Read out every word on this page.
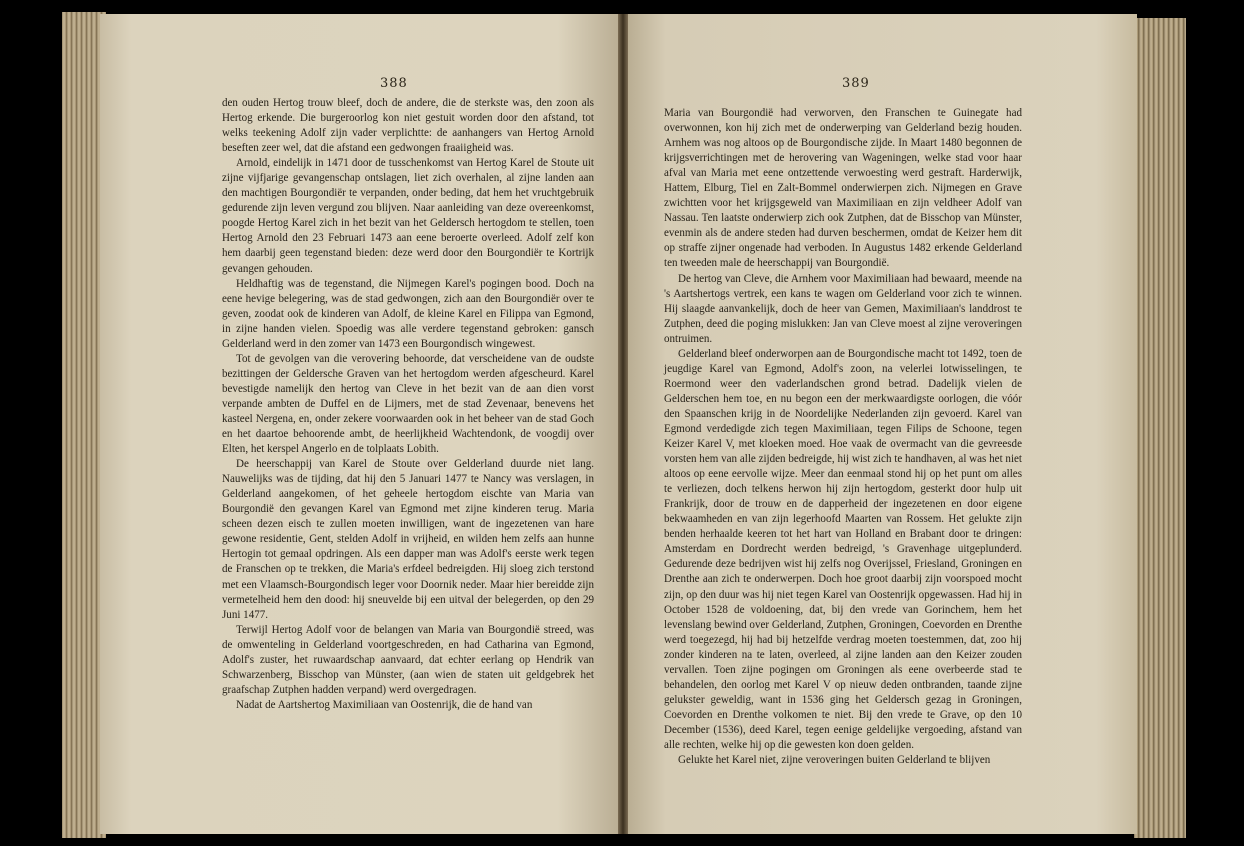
388	389

den ouden Hertog trouw bleef, doch de andere, die de sterkste was, den zoon als Hertog erkende. Die burgeroorlog kon niet gestuit worden door den afstand, tot welks teekening Adolf zijn vader verplichtte: de aanhangers van Hertog Arnold beseften zeer wel, dat die afstand een gedwongen fraaiigheid was.

Arnold, eindelijk in 1471 door de tusschenkomst van Hertog Karel de Stoute uit zijne vijfjarige gevangenschap ontslagen, liet zich overhalen, al zijne landen aan den machtigen Bourgondiër te verpanden, onder beding, dat hem het vruchtgebruik gedurende zijn leven vergund zou blijven. Naar aanleiding van deze overeenkomst, poogde Hertog Karel zich in het bezit van het Geldersch hertogdom te stellen, toen Hertog Arnold den 23 Februari 1473 aan eene beroerte overleed. Adolf zelf kon hem daarbij geen tegenstand bieden: deze werd door den Bourgondiër te Kortrijk gevangen gehouden.

Heldhaftig was de tegenstand, die Nijmegen Karel's pogingen bood. Doch na eene hevige belegering, was de stad gedwongen, zich aan den Bourgondiër over te geven, zoodat ook de kinderen van Adolf, de kleine Karel en Filippa van Egmond, in zijne handen vielen. Spoedig was alle verdere tegenstand gebroken: gansch Gelderland werd in den zomer van 1473 een Bourgondisch wingewest.

Tot de gevolgen van die verovering behoorde, dat verscheidene van de oudste bezittingen der Geldersche Graven van het hertogdom werden afgescheurd. Karel bevestigde namelijk den hertog van Cleve in het bezit van de aan dien vorst verpande ambten de Duffel en de Lijmers, met de stad Zevenaar, benevens het kasteel Nergena, en, onder zekere voorwaarden ook in het beheer van de stad Goch en het daartoe behoorende ambt, de heerlijkheid Wachtendonk, de voogdij over Elten, het kerspel Angerlo en de tolplaats Lobith.

De heerschappij van Karel de Stoute over Gelderland duurde niet lang. Nauwelijks was de tijding, dat hij den 5 Januari 1477 te Nancy was verslagen, in Gelderland aangekomen, of het geheele hertogdom eischte van Maria van Bourgondië den gevangen Karel van Egmond met zijne kinderen terug. Maria scheen dezen eisch te zullen moeten inwilligen, want de ingezetenen van hare gewone residentie, Gent, stelden Adolf in vrijheid, en wilden hem zelfs aan hunne Hertogin tot gemaal opdringen. Als een dapper man was Adolf's eerste werk tegen de Franschen op te trekken, die Maria's erfdeel bedreigden. Hij sloeg zich terstond met een Vlaamsch-Bourgondisch leger voor Doornik neder. Maar hier bereidde zijn vermetelheid hem den dood: hij sneuvelde bij een uitval der belegerden, op den 29 Juni 1477.

Terwijl Hertog Adolf voor de belangen van Maria van Bourgondië streed, was de omwenteling in Gelderland voortgeschreden, en had Catharina van Egmond, Adolf's zuster, het ruwaardschap aanvaard, dat echter eerlang op Hendrik van Schwarzenberg, Bisschop van Münster, (aan wien de staten uit geldgebrek het graafschap Zutphen hadden verpand) werd overgedragen.

Nadat de Aartshertog Maximiliaan van Oostenrijk, die de hand van

Maria van Bourgondië had verworven, den Franschen te Guinegate had overwonnen, kon hij zich met de onderwerping van Gelderland bezig houden. Arnhem was nog altoos op de Bourgondische zijde. In Maart 1480 begonnen de krijgsverrichtingen met de herovering van Wageningen, welke stad voor haar afval van Maria met eene ontzettende verwoesting werd gestraft. Harderwijk, Hattem, Elburg, Tiel en Zalt-Bommel onderwierpen zich. Nijmegen en Grave zwichtten voor het krijgsgeweld van Maximiliaan en zijn veldheer Adolf van Nassau. Ten laatste onderwierp zich ook Zutphen, dat de Bisschop van Münster, evenmin als de andere steden had durven beschermen, omdat de Keizer hem dit op straffe zijner ongenade had verboden. In Augustus 1482 erkende Gelderland ten tweeden male de heerschappij van Bourgondië.

De hertog van Cleve, die Arnhem voor Maximiliaan had bewaard, meende na 's Aartshertogs vertrek, een kans te wagen om Gelderland voor zich te winnen. Hij slaagde aanvankelijk, doch de heer van Gemen, Maximiliaan's landdrost te Zutphen, deed die poging mislukken: Jan van Cleve moest al zijne veroveringen ontruimen.

Gelderland bleef onderworpen aan de Bourgondische macht tot 1492, toen de jeugdige Karel van Egmond, Adolf's zoon, na velerlei lotwisselingen, te Roermond weer den vaderlandschen grond betrad. Dadelijk vielen de Gelderschen hem toe, en nu begon een der merkwaardigste oorlogen, die vóór den Spaanschen krijg in de Noordelijke Nederlanden zijn gevoerd. Karel van Egmond verdedigde zich tegen Maximiliaan, tegen Filips de Schoone, tegen Keizer Karel V, met kloeken moed. Hoe vaak de overmacht van die gevreesde vorsten hem van alle zijden bedreigde, hij wist zich te handhaven, al was het niet altoos op eene eervolle wijze. Meer dan eenmaal stond hij op het punt om alles te verliezen, doch telkens herwon hij zijn hertogdom, gesterkt door hulp uit Frankrijk, door de trouw en de dapperheid der ingezetenen en door eigene bekwaamheden en van zijn legerhoofd Maarten van Rossem. Het gelukte zijn benden herhaalde keeren tot het hart van Holland en Brabant door te dringen: Amsterdam en Dordrecht werden bedreigd, 's Gravenhage uitgeplunderd. Gedurende deze bedrijven wist hij zelfs nog Overijssel, Friesland, Groningen en Drenthe aan zich te onderwerpen. Doch hoe groot daarbij zijn voorspoed mocht zijn, op den duur was hij niet tegen Karel van Oostenrijk opgewassen. Had hij in October 1528 de voldoening, dat, bij den vrede van Gorinchem, hem het levenslang bewind over Gelderland, Zutphen, Groningen, Coevorden en Drenthe werd toegezegd, hij had bij hetzelfde verdrag moeten toestemmen, dat, zoo hij zonder kinderen na te laten, overleed, al zijne landen aan den Keizer zouden vervallen. Toen zijne pogingen om Groningen als eene overbeerde stad te behandelen, den oorlog met Karel V op nieuw deden ontbranden, taande zijne gelukster geweldig, want in 1536 ging het Geldersch gezag in Groningen, Coevorden en Drenthe volkomen te niet. Bij den vrede te Grave, op den 10 December (1536), deed Karel, tegen eenige geldelijke vergoeding, afstand van alle rechten, welke hij op die gewesten kon doen gelden.

Gelukte het Karel niet, zijne veroveringen buiten Gelderland te blijven
